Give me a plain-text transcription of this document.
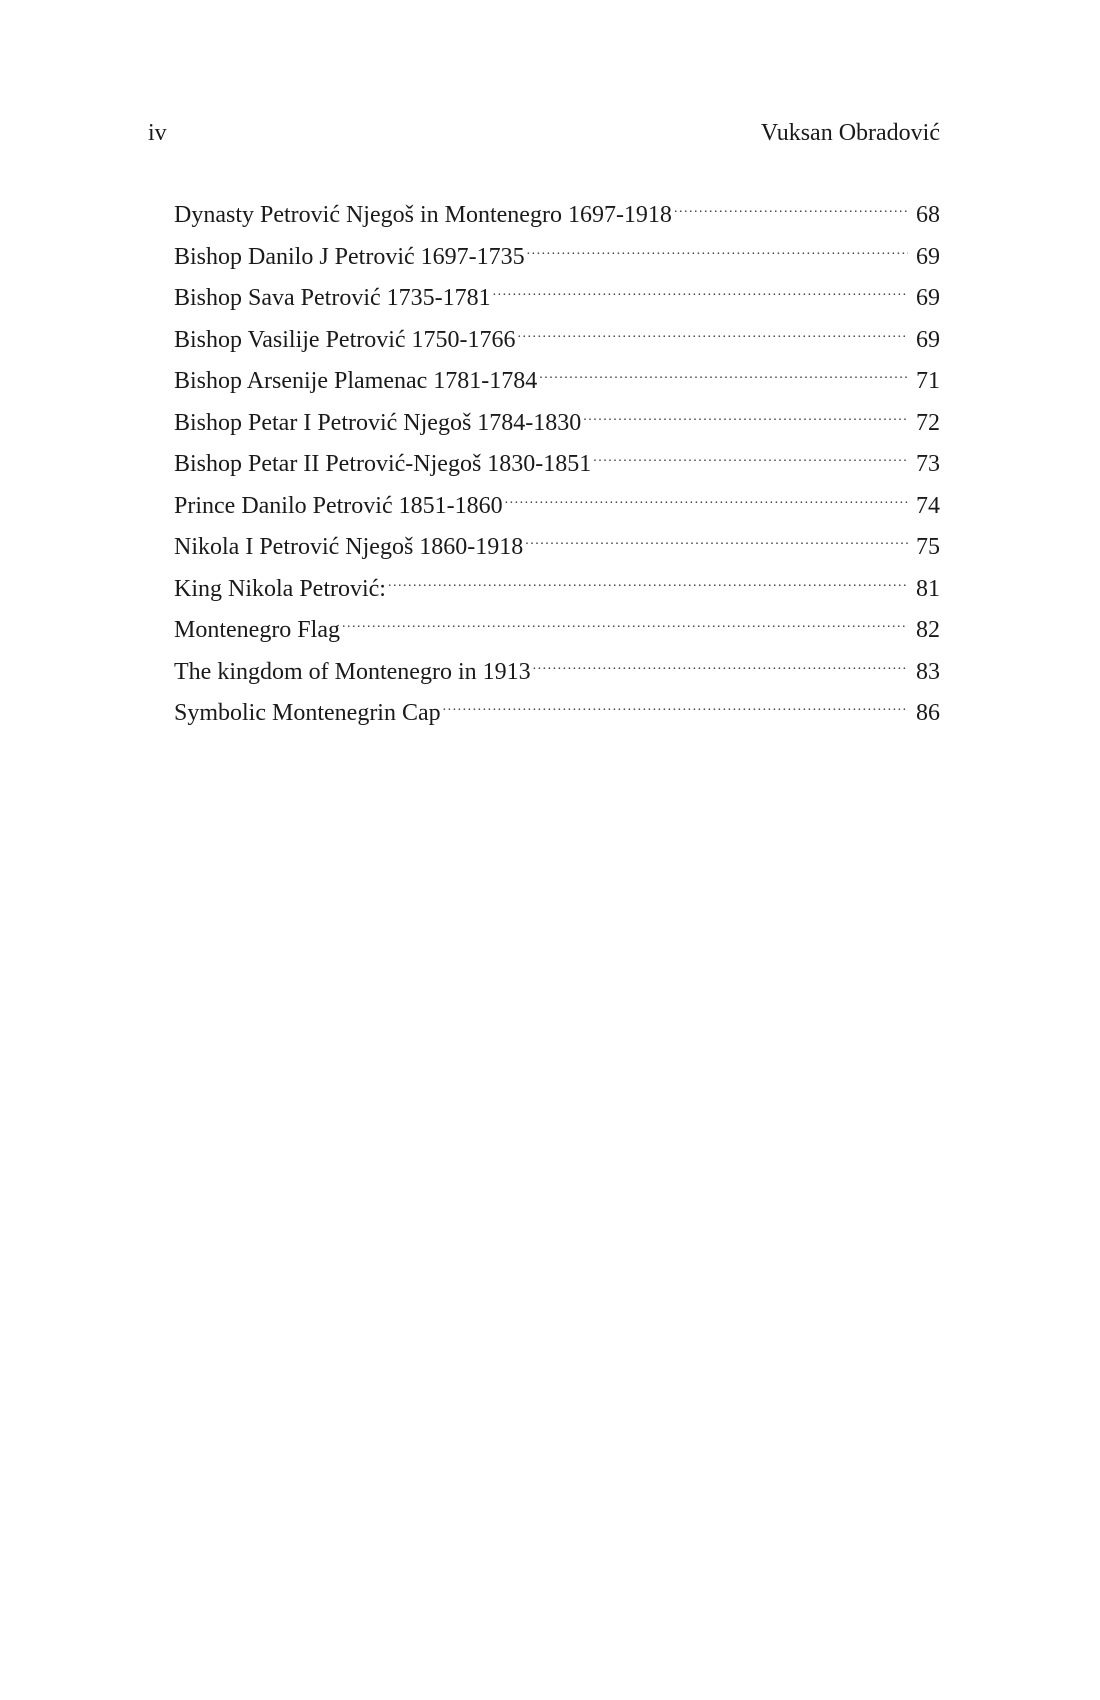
iv	Vuksan Obradović
Dynasty Petrović Njegoš in Montenegro 1697-1918 .....	68
Bishop Danilo J Petrović 1697-1735 .....	69
Bishop Sava Petrović 1735-1781 .....	69
Bishop Vasilije Petrović 1750-1766 .....	69
Bishop Arsenije Plamenac 1781-1784 .....	71
Bishop Petar I Petrović Njegoš 1784-1830 .....	72
Bishop Petar II Petrović-Njegoš 1830-1851 .....	73
Prince Danilo Petrović 1851-1860 .....	74
Nikola I Petrović Njegoš 1860-1918 .....	75
King Nikola Petrović: .....	81
Montenegro Flag .....	82
The kingdom of Montenegro in 1913 .....	83
Symbolic Montenegrin Cap .....	86
